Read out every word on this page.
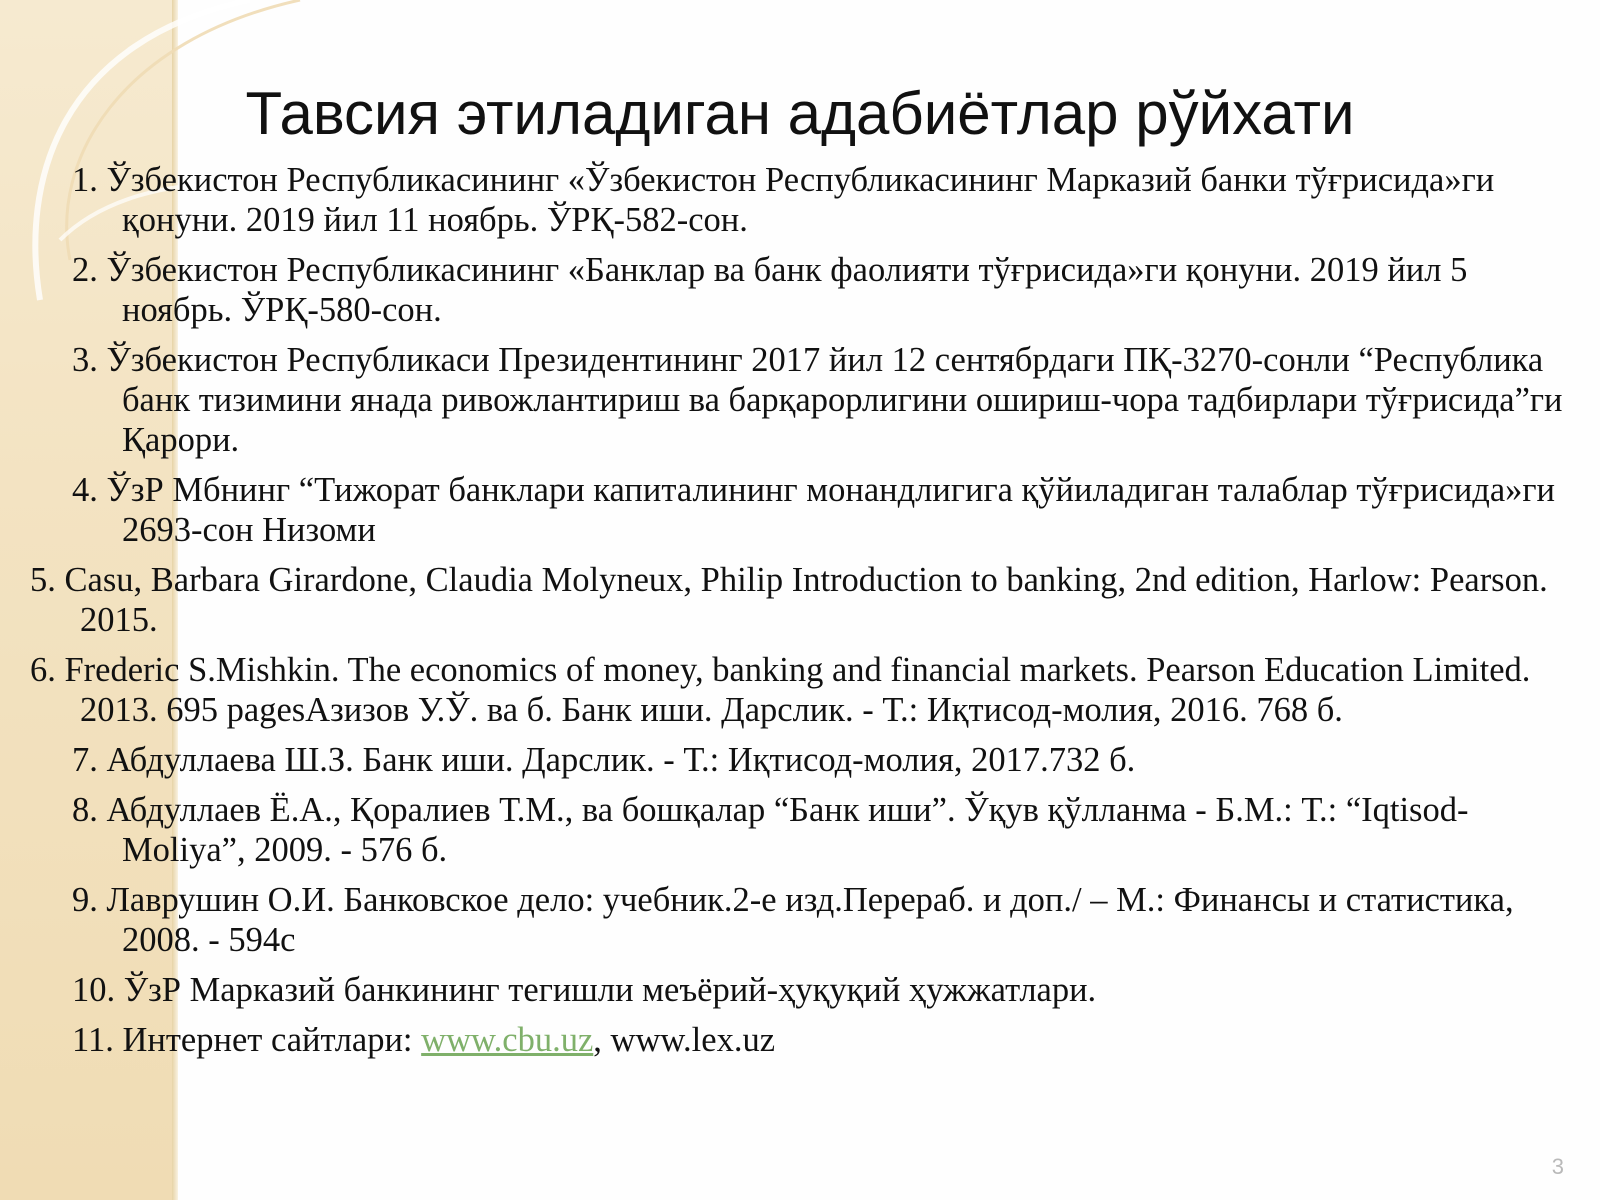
Тавсия этиладиган адабиётлар рўйхати
1. Ўзбекистон Республикасининг «Ўзбекистон Республикасининг Марказий банки тўғрисида»ги қонуни. 2019 йил 11 ноябрь. ЎРҚ-582-сон.
2. Ўзбекистон Республикасининг «Банклар ва банк фаолияти тўғрисида»ги қонуни. 2019 йил 5 ноябрь. ЎРҚ-580-сон.
3. Ўзбекистон Республикаси Президентининг 2017 йил 12 сентябрдаги ПҚ-3270-сонли “Республика банк тизимини янада ривожлантириш ва барқарорлигини ошириш-чора тадбирлари тўғрисида”ги Қарори.
4. ЎзР Мбнинг “Тижорат банклари капиталининг монандлигига қўйиладиган талаблар тўғрисида»ги 2693-сон Низоми
5. Casu, Barbara Girardone, Claudia Molyneux, Philip Introduction to banking, 2nd edition, Harlow: Pearson. 2015.
6. Frederic S.Mishkin. The economics of money, banking and financial markets. Pearson Education Limited. 2013. 695 pagesАзизов У.Ў. ва б. Банк иши. Дарслик. - Т.: Иқтисод-молия, 2016. 768 б.
7. Абдуллаева Ш.З. Банк иши. Дарслик. - Т.: Иқтисод-молия, 2017.732 б.
8. Абдуллаев Ё.А., Қоралиев Т.М., ва бошқалар “Банк иши”. Ўқув қўлланма - Б.М.: Т.: “Iqtisod-Moliya”, 2009. - 576 б.
9. Лаврушин О.И. Банковское дело: учебник.2-е изд.Перераб. и доп./ – М.: Финансы и статистика, 2008. - 594с
10. ЎзР Марказий банкининг тегишли меъёрий-ҳуқуқий ҳужжатлари.
11. Интернет сайтлари: www.cbu.uz, www.lex.uz
3
